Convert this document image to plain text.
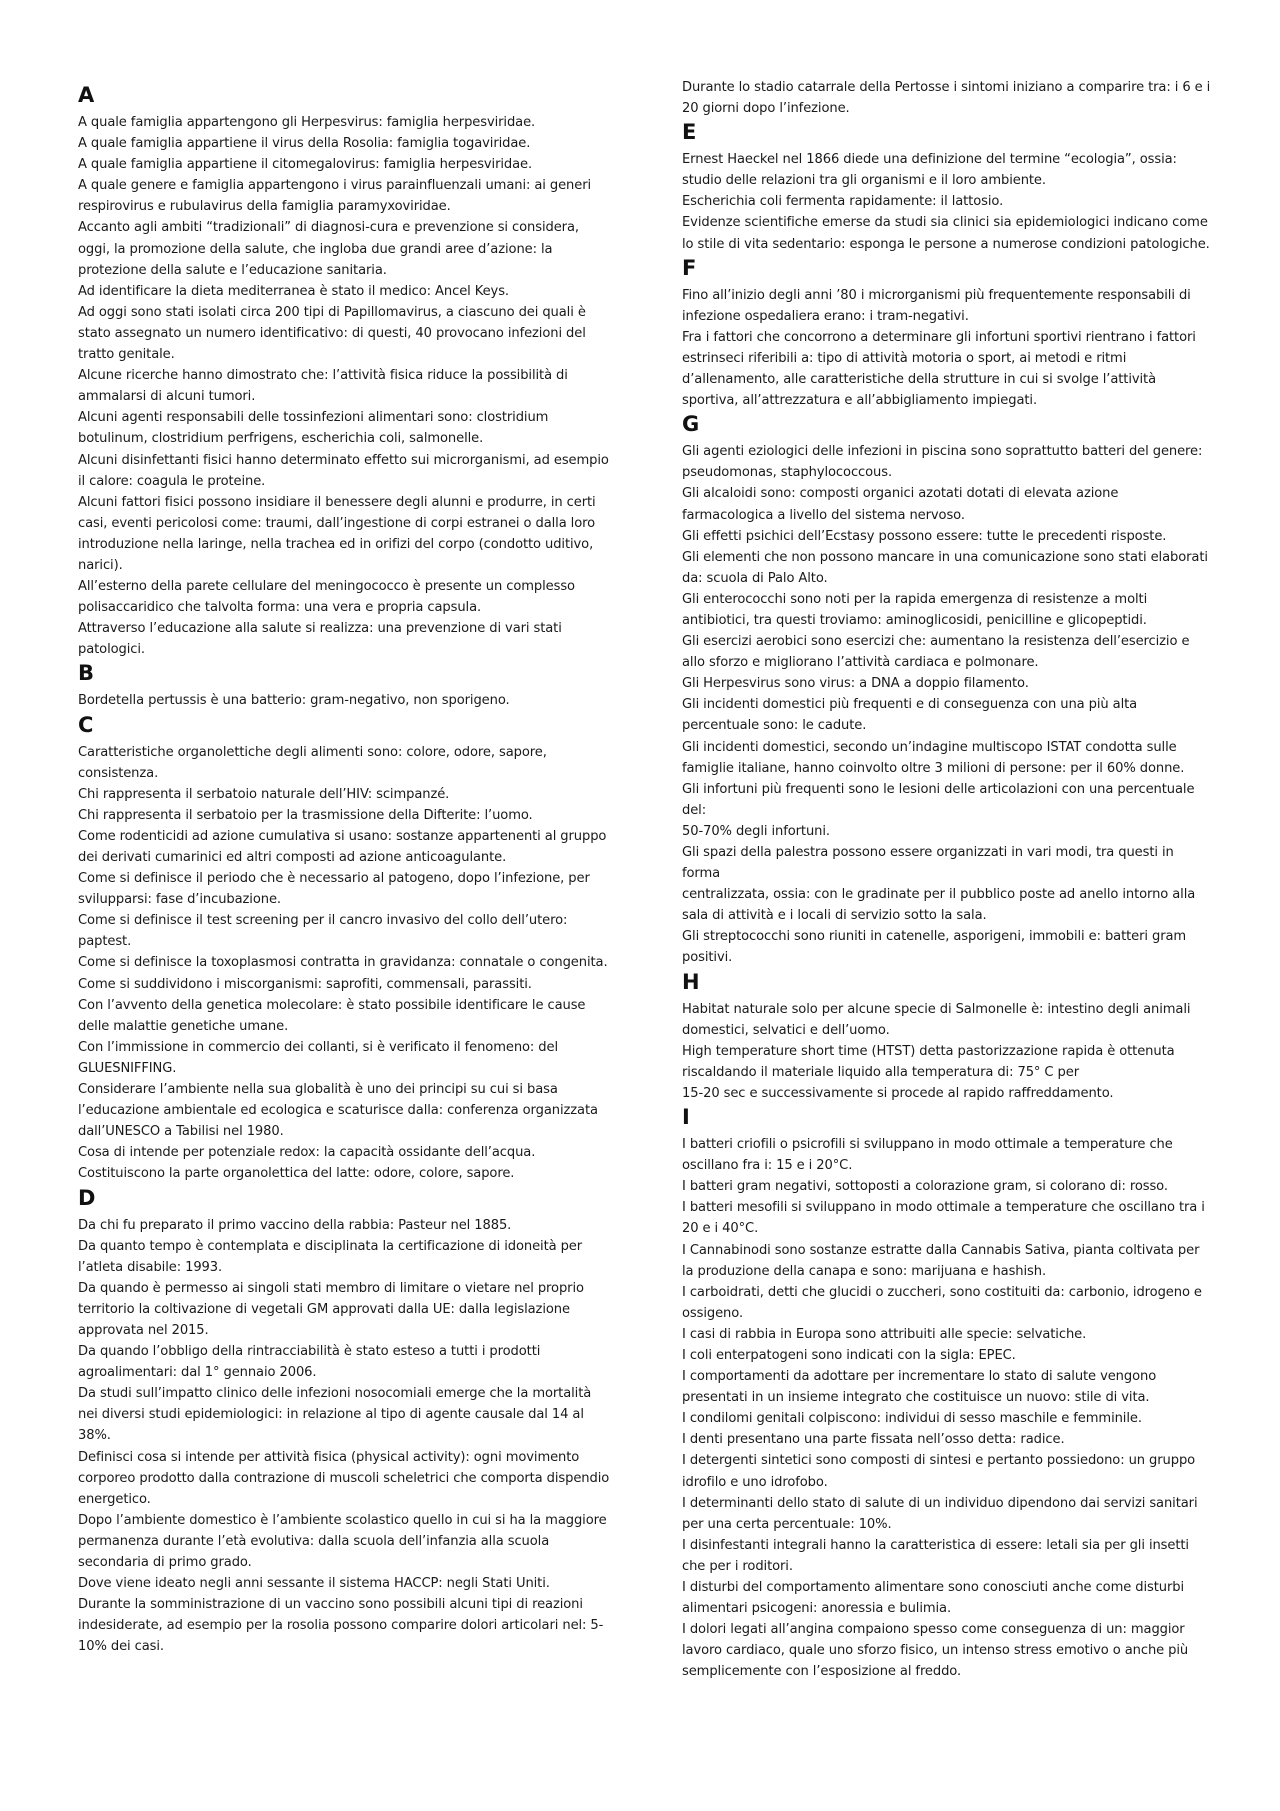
A

A quale famiglia appartengono gli Herpesvirus: famiglia herpesviridae.

A quale famiglia appartiene il virus della Rosolia: famiglia togaviridae.

A quale famiglia appartiene il citomegalovirus: famiglia herpesviridae.

A quale genere e famiglia appartengono i virus parainfluenzali umani: ai generi respirovirus e rubulavirus della famiglia paramyxoviridae.

Accanto agli ambiti “tradizionali” di diagnosi-cura e prevenzione si considera, oggi, la promozione della salute, che ingloba due grandi aree d’azione: la protezione della salute e l’educazione sanitaria.

Ad identificare la dieta mediterranea è stato il medico: Ancel Keys.

Ad oggi sono stati isolati circa 200 tipi di Papillomavirus, a ciascuno dei quali è stato assegnato un numero identificativo: di questi, 40 provocano infezioni del tratto genitale.

Alcune ricerche hanno dimostrato che: l’attività fisica riduce la possibilità di ammalarsi di alcuni tumori.

Alcuni agenti responsabili delle tossinfezioni alimentari sono: clostridium botulinum, clostridium perfrigens, escherichia coli, salmonelle.

Alcuni disinfettanti fisici hanno determinato effetto sui microrganismi, ad esempio il calore: coagula le proteine.

Alcuni fattori fisici possono insidiare il benessere degli alunni e produrre, in certi casi, eventi pericolosi come: traumi, dall’ingestione di corpi estranei o dalla loro introduzione nella laringe, nella trachea ed in orifizi del corpo (condotto uditivo, narici).

All’esterno della parete cellulare del meningococco è presente un complesso polisaccaridico che talvolta forma: una vera e propria capsula.

Attraverso l’educazione alla salute si realizza: una prevenzione di vari stati patologici.

B

Bordetella pertussis è una batterio: gram-negativo, non sporigeno.

C

Caratteristiche organolettiche degli alimenti sono: colore, odore, sapore, consistenza.

Chi rappresenta il serbatoio naturale dell’HIV: scimpanzé.

Chi rappresenta il serbatoio per la trasmissione della Difterite: l’uomo.

Come rodenticidi ad azione cumulativa si usano: sostanze appartenenti al gruppo dei derivati cumarinici ed altri composti ad azione anticoagulante.

Come si definisce il periodo che è necessario al patogeno, dopo l’infezione, per svilupparsi: fase d’incubazione.

Come si definisce il test screening per il cancro invasivo del collo dell’utero: paptest.

Come si definisce la toxoplasmosi contratta in gravidanza: connatale o congenita.

Come si suddividono i miscorganismi: saprofiti, commensali, parassiti.

Con l’avvento della genetica molecolare: è stato possibile identificare le cause delle malattie genetiche umane.

Con l’immissione in commercio dei collanti, si è verificato il fenomeno: del GLUESNIFFING.

Considerare l’ambiente nella sua globalità è uno dei principi su cui si basa l’educazione ambientale ed ecologica e scaturisce dalla: conferenza organizzata dall’UNESCO a Tabilisi nel 1980.

Cosa di intende per potenziale redox: la capacità ossidante dell’acqua.

Costituiscono la parte organolettica del latte: odore, colore, sapore.

D

Da chi fu preparato il primo vaccino della rabbia: Pasteur nel 1885.

Da quanto tempo è contemplata e disciplinata la certificazione di idoneità per l’atleta disabile: 1993.

Da quando è permesso ai singoli stati membro di limitare o vietare nel proprio territorio la coltivazione di vegetali GM approvati dalla UE: dalla legislazione approvata nel 2015.

Da quando l’obbligo della rintracciabilità è stato esteso a tutti i prodotti agroalimentari: dal 1° gennaio 2006.

Da studi sull’impatto clinico delle infezioni nosocomiali emerge che la mortalità nei diversi studi epidemiologici: in relazione al tipo di agente causale dal 14 al 38%.

Definisci cosa si intende per attività fisica (physical activity): ogni movimento corporeo prodotto dalla contrazione di muscoli scheletrici che comporta dispendio energetico.

Dopo l’ambiente domestico è l’ambiente scolastico quello in cui si ha la maggiore permanenza durante l’età evolutiva: dalla scuola dell’infanzia alla scuola secondaria di primo grado.

Dove viene ideato negli anni sessante il sistema HACCP: negli Stati Uniti.

Durante la somministrazione di un vaccino sono possibili alcuni tipi di reazioni indesiderate, ad esempio per la rosolia possono comparire dolori articolari nel: 5-10% dei casi.

Durante lo stadio catarrale della Pertosse i sintomi iniziano a comparire tra: i 6 e i 20 giorni dopo l’infezione.

E

Ernest Haeckel nel 1866 diede una definizione del termine “ecologia”, ossia: studio delle relazioni tra gli organismi e il loro ambiente.

Escherichia coli fermenta rapidamente: il lattosio.

Evidenze scientifiche emerse da studi sia clinici sia epidemiologici indicano come lo stile di vita sedentario: esponga le persone a numerose condizioni patologiche.

F

Fino all’inizio degli anni ’80 i microrganismi più frequentemente responsabili di infezione ospedaliera erano: i tram-negativi.

Fra i fattori che concorrono a determinare gli infortuni sportivi rientrano i fattori estrinseci riferibili a: tipo di attività motoria o sport, ai metodi e ritmi d’allenamento, alle caratteristiche della strutture in cui si svolge l’attività sportiva, all’attrezzatura e all’abbigliamento impiegati.

G

Gli agenti eziologici delle infezioni in piscina sono soprattutto batteri del genere: pseudomonas, staphylococcous.

Gli alcaloidi sono: composti organici azotati dotati di elevata azione farmacologica a livello del sistema nervoso.

Gli effetti psichici dell’Ecstasy possono essere: tutte le precedenti risposte.

Gli elementi che non possono mancare in una comunicazione sono stati elaborati da: scuola di Palo Alto.

Gli enterococchi sono noti per la rapida emergenza di resistenze a molti antibiotici, tra questi troviamo: aminoglicosidi, penicilline e glicopeptidi.

Gli esercizi aerobici sono esercizi che: aumentano la resistenza dell’esercizio e allo sforzo e migliorano l’attività cardiaca e polmonare.

Gli Herpesvirus sono virus: a DNA a doppio filamento.

Gli incidenti domestici più frequenti e di conseguenza con una più alta percentuale sono: le cadute.

Gli incidenti domestici, secondo un’indagine multiscopo ISTAT condotta sulle famiglie italiane, hanno coinvolto oltre 3 milioni di persone: per il 60% donne.

Gli infortuni più frequenti sono le lesioni delle articolazioni con una percentuale del:

50-70% degli infortuni.

Gli spazi della palestra possono essere organizzati in vari modi, tra questi in forma

centralizzata, ossia: con le gradinate per il pubblico poste ad anello intorno alla sala di attività e i locali di servizio sotto la sala.

Gli streptococchi sono riuniti in catenelle, asporigeni, immobili e: batteri gram positivi.

H

Habitat naturale solo per alcune specie di Salmonelle è: intestino degli animali domestici, selvatici e dell’uomo.

High temperature short time (HTST) detta pastorizzazione rapida è ottenuta riscaldando il materiale liquido alla temperatura di: 75° C per

15-20 sec e successivamente si procede al rapido raffreddamento.

I

I batteri criofili o psicrofili si sviluppano in modo ottimale a temperature che oscillano fra i: 15 e i 20°C.

I batteri gram negativi, sottoposti a colorazione gram, si colorano di: rosso.

I batteri mesofili si sviluppano in modo ottimale a temperature che oscillano tra i 20 e i 40°C.

I Cannabinodi sono sostanze estratte dalla Cannabis Sativa, pianta coltivata per la produzione della canapa e sono: marijuana e hashish.

I carboidrati, detti che glucidi o zuccheri, sono costituiti da: carbonio, idrogeno e ossigeno.

I casi di rabbia in Europa sono attribuiti alle specie: selvatiche.

I coli enterpatogeni sono indicati con la sigla: EPEC.

I comportamenti da adottare per incrementare lo stato di salute vengono presentati in un insieme integrato che costituisce un nuovo: stile di vita.

I condilomi genitali colpiscono: individui di sesso maschile e femminile.

I denti presentano una parte fissata nell’osso detta: radice.

I detergenti sintetici sono composti di sintesi e pertanto possiedono: un gruppo idrofilo e uno idrofobo.

I determinanti dello stato di salute di un individuo dipendono dai servizi sanitari per una certa percentuale: 10%.

I disinfestanti integrali hanno la caratteristica di essere: letali sia per gli insetti che per i roditori.

I disturbi del comportamento alimentare sono conosciuti anche come disturbi alimentari psicogeni: anoressia e bulimia.

I dolori legati all’angina compaiono spesso come conseguenza di un: maggior lavoro cardiaco, quale uno sforzo fisico, un intenso stress emotivo o anche più semplicemente con l’esposizione al freddo.
